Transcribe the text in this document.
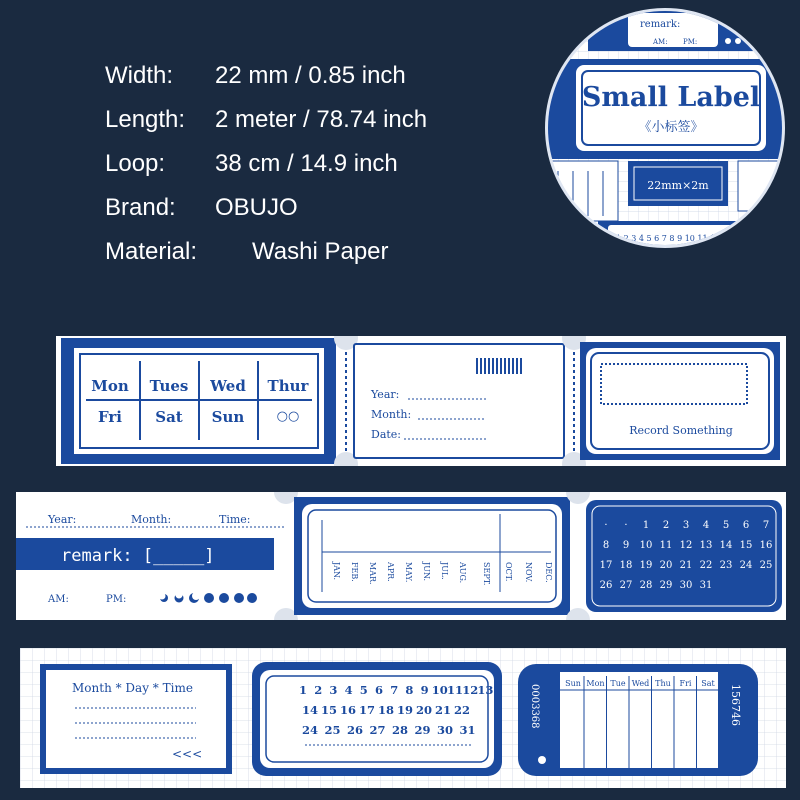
Width: 22 mm / 0.85 inch
Length: 2 meter / 78.74 inch
Loop: 38 cm / 14.9 inch
Brand: OBUJO
Material: Washi Paper
remark:
AM: PM:
Small Label
《小标签》
22mm×2m
1 2 3 4 5 6 7 8 9 10 11 12
Mon Tues Wed Thur
Fri Sat Sun ○○
Year:
Month:
Date:	Record Something
Year:	Month:	Time:
remark: [_____]
AM:	PM:
JAN. FEB. MAR. APR. MAY. JUN. JUL. AUG. SEPT. OCT. NOV. DEC.
· · 1 2 3 4 5 6 7
8 9 10 11 12 13 14 15 16
17 18 19 20 21 22 23 24 25
26 27 28 29 30 31
Month * Day * Time
<<<
1 2 3 4 5 6 7 8 9 10 11 12 13
14 15 16 17 18 19 20 21 22
24 25 26 27 28 29 30 31
Sun Mon Tue Wed Thu Fri Sat
0003368	156746
